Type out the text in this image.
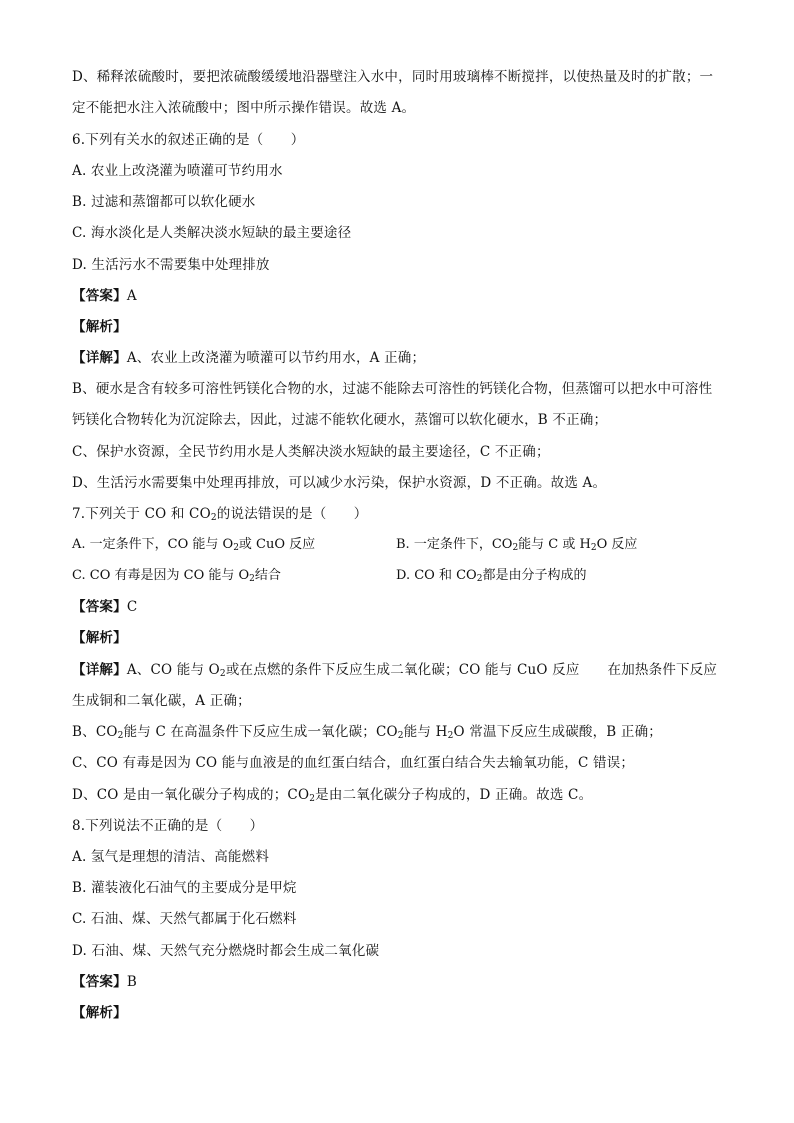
D、稀释浓硫酸时，要把浓硫酸缓缓地沿器壁注入水中，同时用玻璃棒不断搅拌，以使热量及时的扩散；一
定不能把水注入浓硫酸中；图中所示操作错误。故选 A。
6.下列有关水的叙述正确的是（　　）
A. 农业上改浇灌为喷灌可节约用水
B. 过滤和蒸馏都可以软化硬水
C. 海水淡化是人类解决淡水短缺的最主要途径
D. 生活污水不需要集中处理排放
【答案】A
【解析】
【详解】A、农业上改浇灌为喷灌可以节约用水，A 正确；
B、硬水是含有较多可溶性钙镁化合物的水，过滤不能除去可溶性的钙镁化合物，但蒸馏可以把水中可溶性
钙镁化合物转化为沉淀除去，因此，过滤不能软化硬水，蒸馏可以软化硬水，B 不正确；
C、保护水资源，全民节约用水是人类解决淡水短缺的最主要途径，C 不正确；
D、生活污水需要集中处理再排放，可以减少水污染，保护水资源，D 不正确。故选 A。
7.下列关于 CO 和 $CO_2$的说法错误的是（　　）
A. 一定条件下，CO 能与 $O_2$或 CuO 反应	B. 一定条件下，$CO_2$能与 C 或 $H_2O$ 反应
C. CO 有毒是因为 CO 能与 $O_2$结合	D. CO 和 $CO_2$都是由分子构成的
【答案】C
【解析】
【详解】A、CO 能与 $O_2$或在点燃的条件下反应生成二氧化碳；CO 能与 CuO 反应 在加热条件下反应
生成铜和二氧化碳，A 正确；
B、$CO_2$能与 C 在高温条件下反应生成一氧化碳；$CO_2$能与 $H_2O$ 常温下反应生成碳酸，B 正确；
C、CO 有毒是因为 CO 能与血液是的血红蛋白结合，血红蛋白结合失去输氧功能，C 错误；
D、CO 是由一氧化碳分子构成的；$CO_2$是由二氧化碳分子构成的，D 正确。故选 C。
8.下列说法不正确的是（　　）
A. 氢气是理想的清洁、高能燃料
B. 灌装液化石油气的主要成分是甲烷
C. 石油、煤、天然气都属于化石燃料
D. 石油、煤、天然气充分燃烧时都会生成二氧化碳
【答案】B
【解析】
